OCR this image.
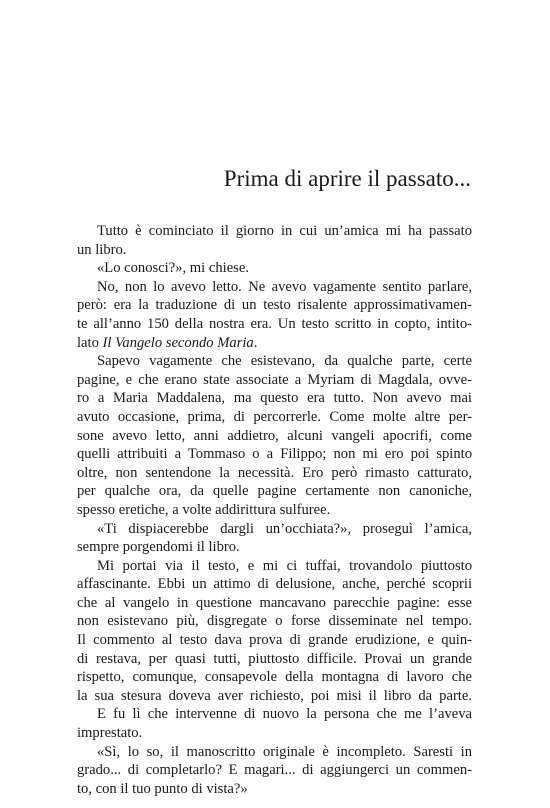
Prima di aprire il passato...
Tutto è cominciato il giorno in cui un’amica mi ha passato
un libro.
«Lo conosci?», mi chiese.
No, non lo avevo letto. Ne avevo vagamente sentito parlare,
però: era la traduzione di un testo risalente approssimativamen-
te all’anno 150 della nostra era. Un testo scritto in copto, intito-
lato Il Vangelo secondo Maria.
Sapevo vagamente che esistevano, da qualche parte, certe
pagine, e che erano state associate a Myriam di Magdala, ovve-
ro a Maria Maddalena, ma questo era tutto. Non avevo mai
avuto occasione, prima, di percorrerle. Come molte altre per-
sone avevo letto, anni addietro, alcuni vangeli apocrifi, come
quelli attribuiti a Tommaso o a Filippo; non mi ero poi spinto
oltre, non sentendone la necessità. Ero però rimasto catturato,
per qualche ora, da quelle pagine certamente non canoniche,
spesso eretiche, a volte addirittura sulfuree.
«Ti dispiacerebbe dargli un’occhiata?», proseguì l’amica,
sempre porgendomi il libro.
Mi portai via il testo, e mi ci tuffai, trovandolo piuttosto
affascinante. Ebbi un attimo di delusione, anche, perché scoprii
che al vangelo in questione mancavano parecchie pagine: esse
non esistevano più, disgregate o forse disseminate nel tempo.
Il commento al testo dava prova di grande erudizione, e quin-
di restava, per quasi tutti, piuttosto difficile. Provai un grande
rispetto, comunque, consapevole della montagna di lavoro che
la sua stesura doveva aver richiesto, poi misi il libro da parte.
E fu lì che intervenne di nuovo la persona che me l’aveva
imprestato.
«Sì, lo so, il manoscritto originale è incompleto. Saresti in
grado... di completarlo? E magari... di aggiungerci un commen-
to, con il tuo punto di vista?»
